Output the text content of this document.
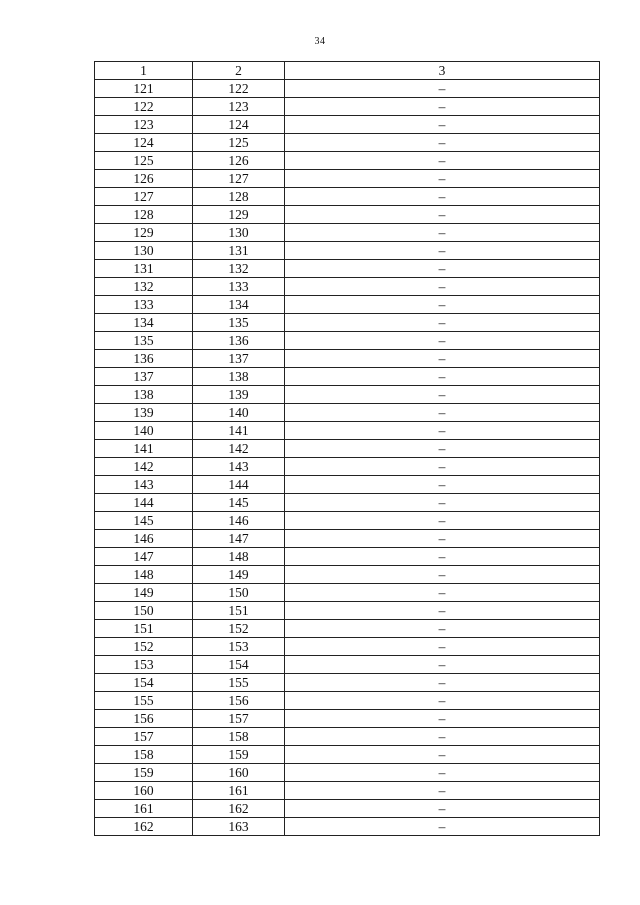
34
1	2	3
121	122	–
122	123	–
123	124	–
124	125	–
125	126	–
126	127	–
127	128	–
128	129	–
129	130	–
130	131	–
131	132	–
132	133	–
133	134	–
134	135	–
135	136	–
136	137	–
137	138	–
138	139	–
139	140	–
140	141	–
141	142	–
142	143	–
143	144	–
144	145	–
145	146	–
146	147	–
147	148	–
148	149	–
149	150	–
150	151	–
151	152	–
152	153	–
153	154	–
154	155	–
155	156	–
156	157	–
157	158	–
158	159	–
159	160	–
160	161	–
161	162	–
162	163	–
